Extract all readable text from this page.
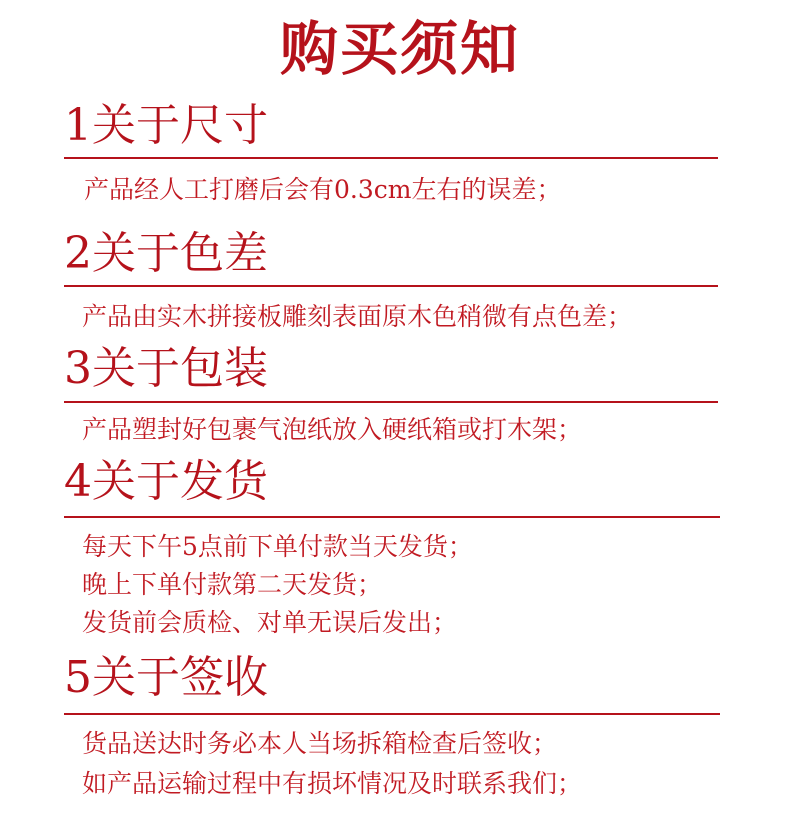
购买须知
1关于尺寸
产品经人工打磨后会有0.3cm左右的误差；
2关于色差
产品由实木拼接板雕刻表面原木色稍微有点色差；
3关于包装
产品塑封好包裹气泡纸放入硬纸箱或打木架；
4关于发货
每天下午5点前下单付款当天发货；
晚上下单付款第二天发货；
发货前会质检、对单无误后发出；
5关于签收
货品送达时务必本人当场拆箱检查后签收；
如产品运输过程中有损坏情况及时联系我们；
